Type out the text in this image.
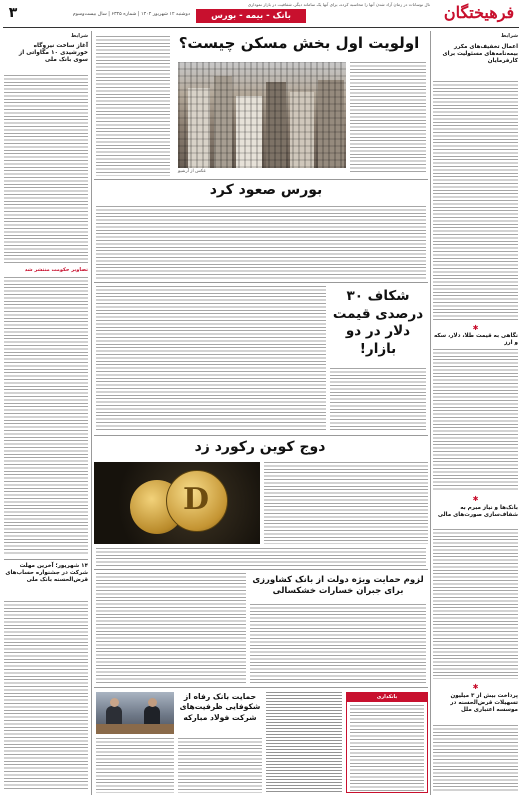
۳	بانک - بیمه - بورس
نال نوسانات در زمان آزاد شدن آنها را محاسبه کرده، برای آنها یک سامانه دیگر، شفافیت در بازار نموداری
دوشنبه ۱۲ شهریور ۱۴۰۲ | شماره ۶۳۴۵ | سال بیست‌وسوم	فرهیختگان
شرایط
آغاز ساخت نیروگاه خورشیدی ۱۰ مگاواتی از سوی بانک ملی
تصاویر حکومت منتشر شد
۱۴ شهریور؛ آخرین مهلت شرکت در جشنواره حساب‌های قرض‌الحسنه بانک ملی
شرایط
اعمال تخفیف‌های مکرر بیمه‌نامه‌های مسئولیت برای کارفرمایان
✱
نگاهی به قیمت طلا، دلار، سکه و ارز
✱
بانک‌ها و نیاز مبرم به شفاف‌سازی صورت‌های مالی
✱
پرداخت بیش از ۳ میلیون تسهیلات قرض‌الحسنه در موسسه اعتباری ملل
اولویت اول بخش مسکن چیست؟
عکس از آرشیو
بورس صعود کرد
شکاف ۳۰ درصدی قیمت دلار در دو بازار!
دوج کوین رکورد زد
D
لزوم حمایت ویژه دولت از بانک کشاورزی برای جبران خسارات خشکسالی
حمایت بانک رفاه از شکوفایی ظرفیت‌های شرکت فولاد مبارکه
بانکداری
